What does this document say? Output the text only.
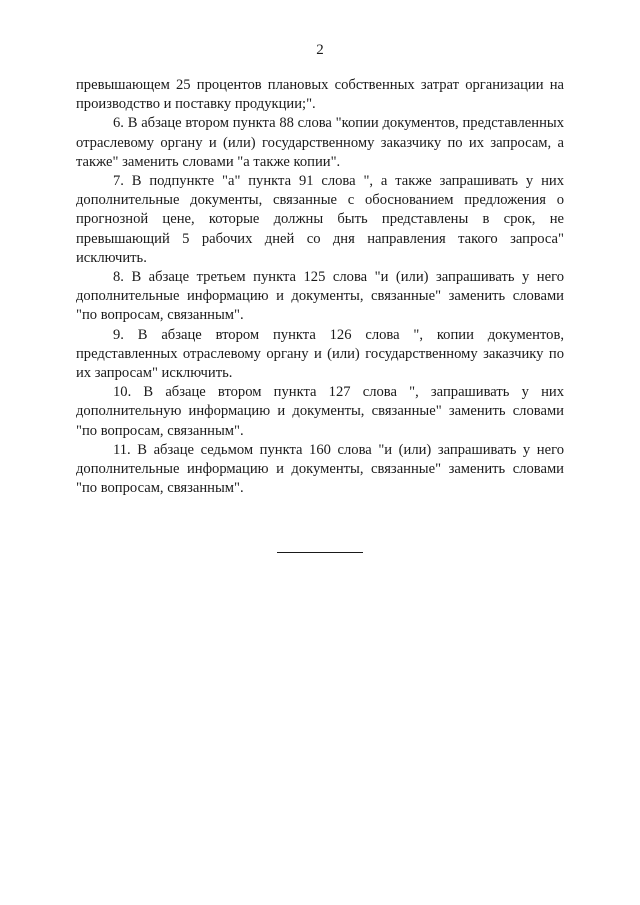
2

превышающем 25 процентов плановых собственных затрат организации на производство и поставку продукции;".

6. В абзаце втором пункта 88 слова "копии документов, представленных отраслевому органу и (или) государственному заказчику по их запросам, а также" заменить словами "а также копии".

7. В подпункте "а" пункта 91 слова ", а также запрашивать у них дополнительные документы, связанные с обоснованием предложения о прогнозной цене, которые должны быть представлены в срок, не превышающий 5 рабочих дней со дня направления такого запроса" исключить.

8. В абзаце третьем пункта 125 слова "и (или) запрашивать у него дополнительные информацию и документы, связанные" заменить словами "по вопросам, связанным".

9. В абзаце втором пункта 126 слова ", копии документов, представленных отраслевому органу и (или) государственному заказчику по их запросам" исключить.

10. В абзаце втором пункта 127 слова ", запрашивать у них дополнительную информацию и документы, связанные" заменить словами "по вопросам, связанным".

11. В абзаце седьмом пункта 160 слова "и (или) запрашивать у него дополнительные информацию и документы, связанные" заменить словами "по вопросам, связанным".
